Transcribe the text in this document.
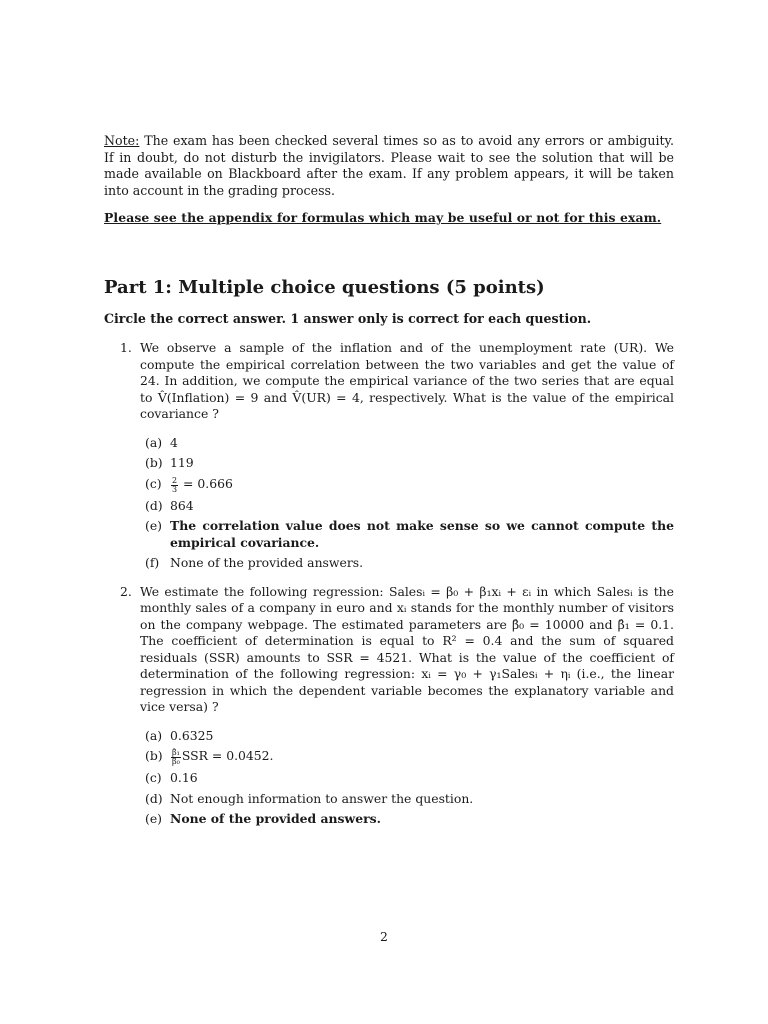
Note: The exam has been checked several times so as to avoid any errors or ambiguity. If in doubt, do not disturb the invigilators. Please wait to see the solution that will be made available on Blackboard after the exam. If any problem appears, it will be taken into account in the grading process.

Please see the appendix for formulas which may be useful or not for this exam.

Part 1: Multiple choice questions (5 points)

Circle the correct answer. 1 answer only is correct for each question.

1. We observe a sample of the inflation and of the unemployment rate (UR). We compute the empirical correlation between the two variables and get the value of 24. In addition, we compute the empirical variance of the two series that are equal to V̂(Inflation) = 9 and V̂(UR) = 4, respectively. What is the value of the empirical covariance ?

(a) 4
(b) 119
$(c) \frac{2}{3} = 0.666$
(d) 864
(e) The correlation value does not make sense so we cannot compute the empirical covariance.
(f) None of the provided answers.
2. We estimate the following regression: Salesᵢ = β₀ + β₁xᵢ + εᵢ in which Salesᵢ is the monthly sales of a company in euro and xᵢ stands for the monthly number of visitors on the company webpage. The estimated parameters are β̂₀ = 10000 and β̂₁ = 0.1. The coefficient of determination is equal to R² = 0.4 and the sum of squared residuals (SSR) amounts to SSR = 4521. What is the value of the coefficient of determination of the following regression: xᵢ = γ₀ + γ₁Salesᵢ + ηᵢ (i.e., the linear regression in which the dependent variable becomes the explanatory variable and vice versa) ?

(a) 0.6325
$(b) \frac{\text{β̂₁}}{\text{β̂₀}}$ SSR = 0.0452.
(c) 0.16
(d) Not enough information to answer the question.
(e) None of the provided answers.
2
